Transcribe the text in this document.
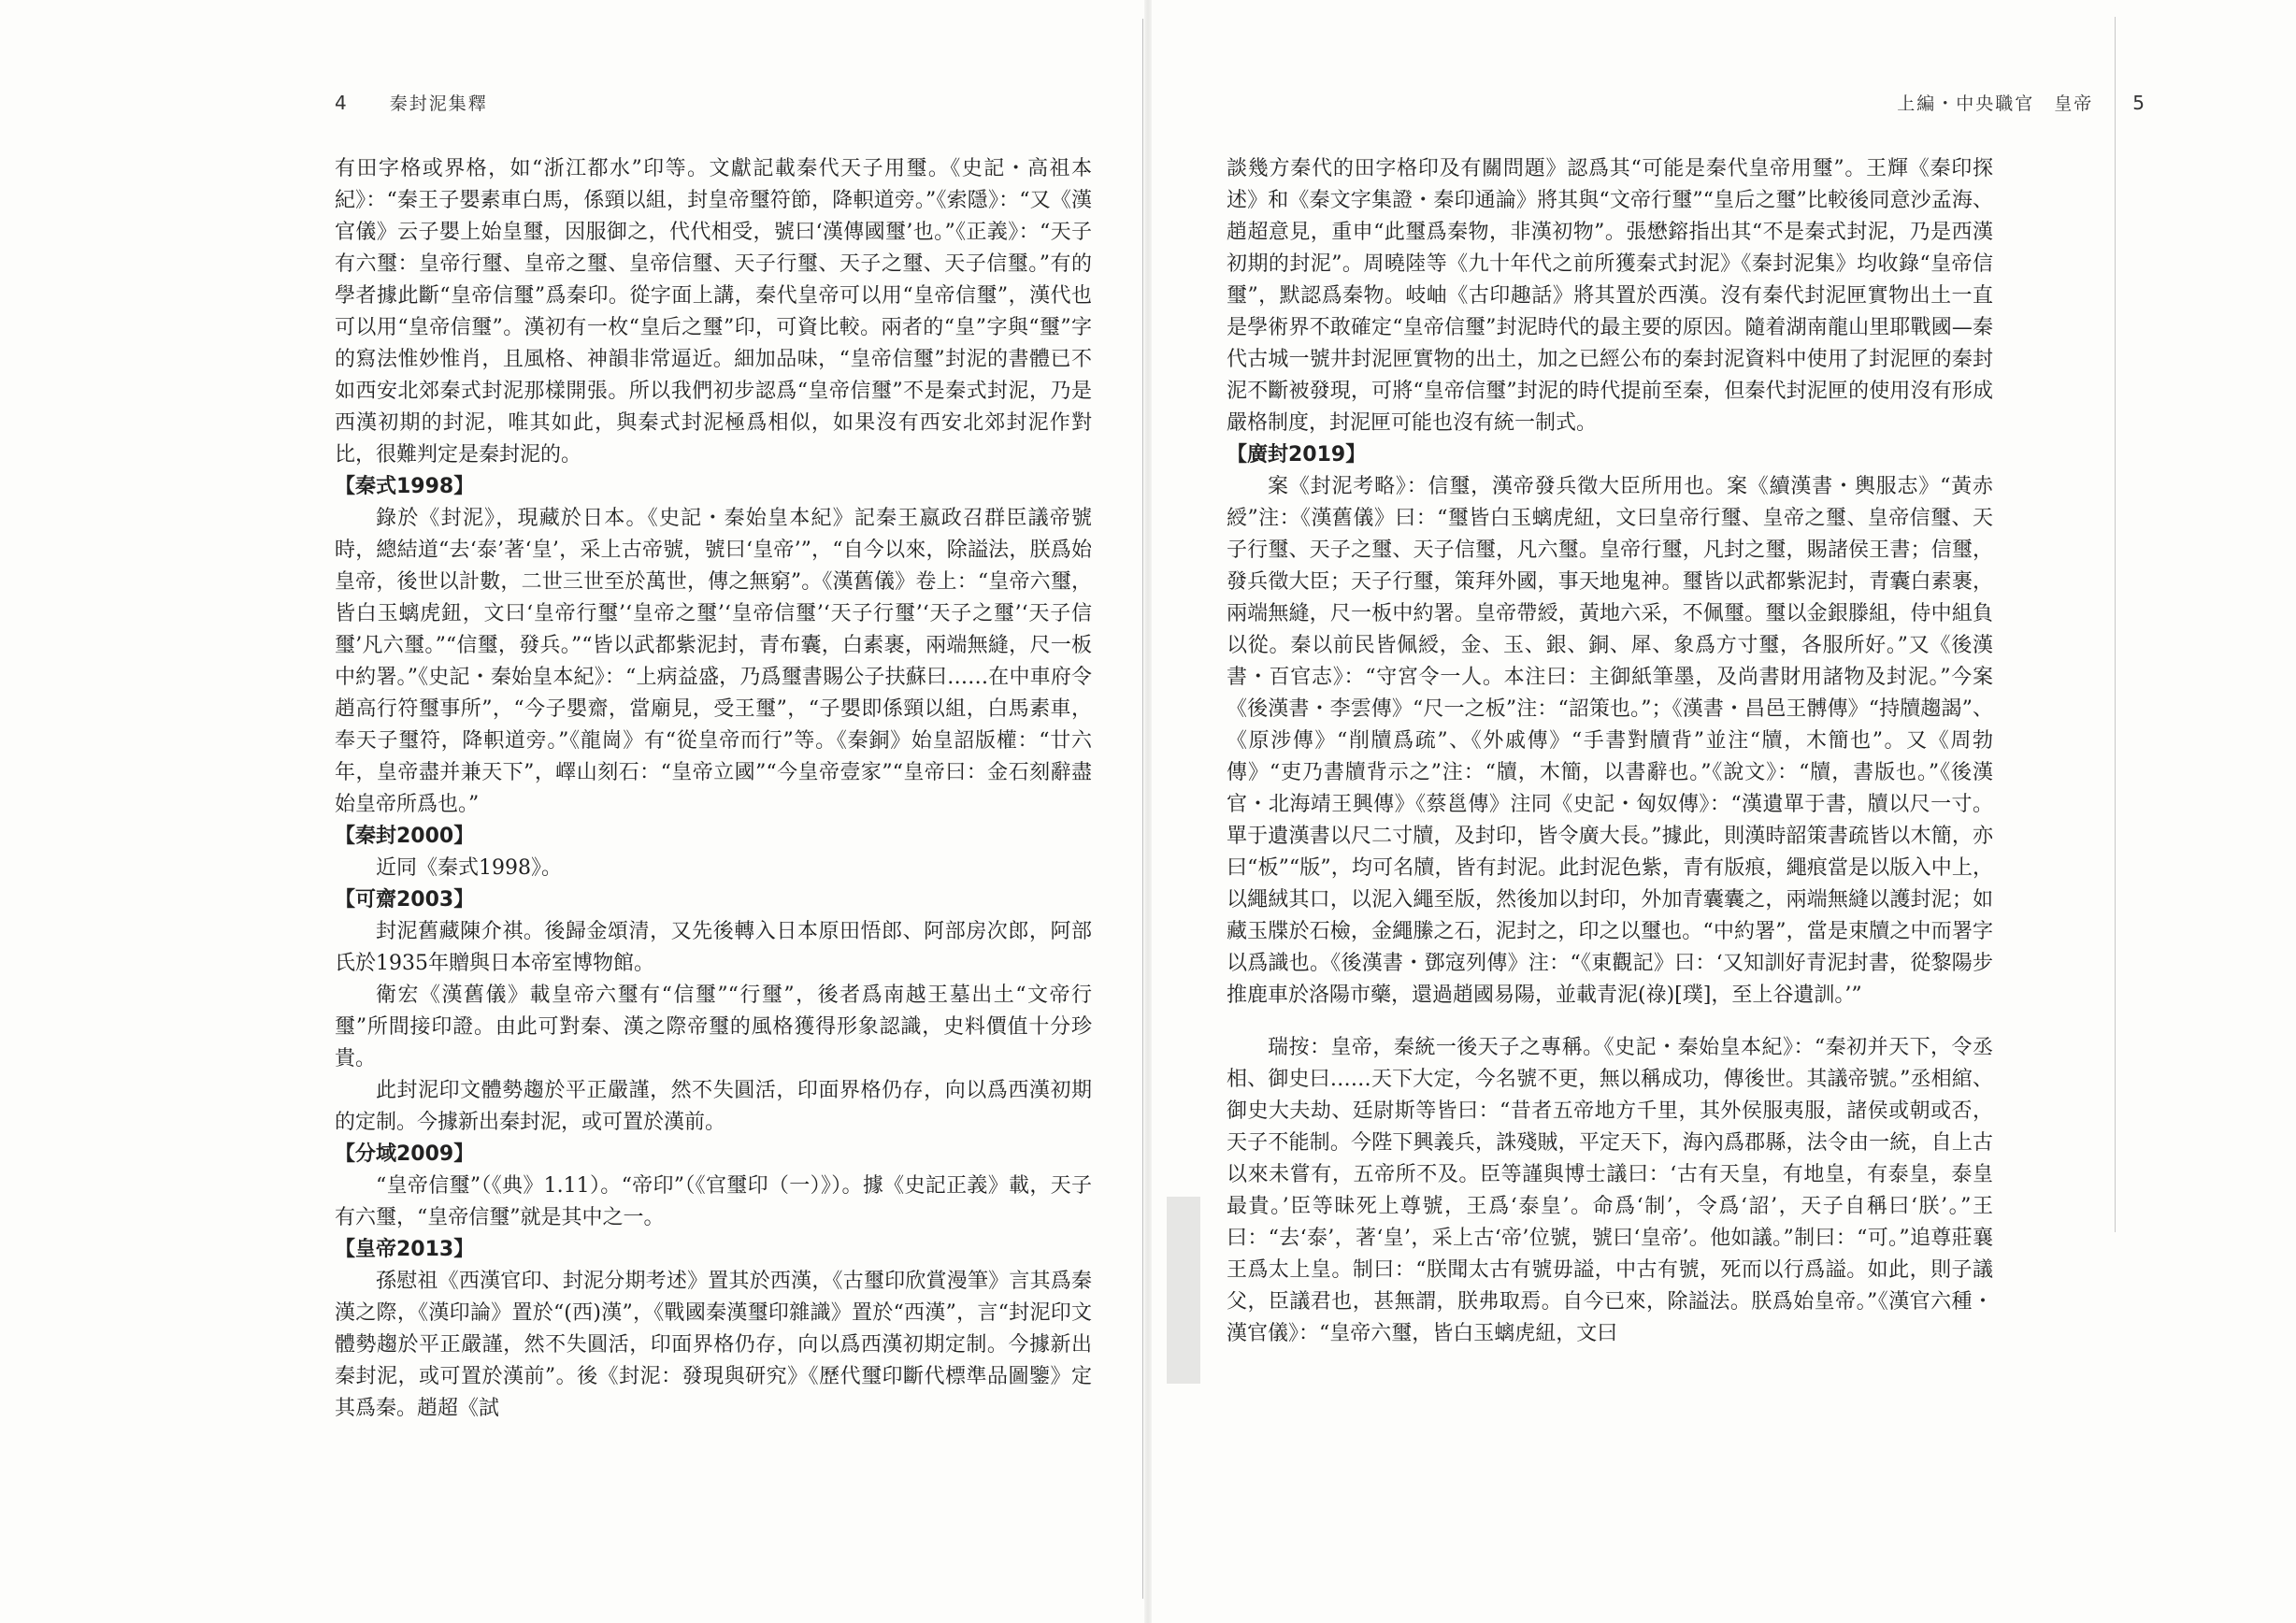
4 秦封泥集釋

有田字格或界格，如“浙江都水”印等。文獻記載秦代天子用璽。《史記・高祖本紀》：“秦王子嬰素車白馬，係頸以組，封皇帝璽符節，降軹道旁。”《索隱》：“又《漢官儀》云子嬰上始皇璽，因服御之，代代相受，號曰‘漢傳國璽’也。”《正義》：“天子有六璽：皇帝行璽、皇帝之璽、皇帝信璽、天子行璽、天子之璽、天子信璽。”有的學者據此斷“皇帝信璽”爲秦印。從字面上講，秦代皇帝可以用“皇帝信璽”，漢代也可以用“皇帝信璽”。漢初有一枚“皇后之璽”印，可資比較。兩者的“皇”字與“璽”字的寫法惟妙惟肖，且風格、神韻非常逼近。細加品味，“皇帝信璽”封泥的書體已不如西安北郊秦式封泥那樣開張。所以我們初步認爲“皇帝信璽”不是秦式封泥，乃是西漢初期的封泥，唯其如此，與秦式封泥極爲相似，如果沒有西安北郊封泥作對比，很難判定是秦封泥的。

【秦式1998】

錄於《封泥》，現藏於日本。《史記・秦始皇本紀》記秦王嬴政召群臣議帝號時，總結道“去‘泰’著‘皇’，采上古帝號，號曰‘皇帝’”，“自今以來，除謚法，朕爲始皇帝，後世以計數，二世三世至於萬世，傳之無窮”。《漢舊儀》卷上：“皇帝六璽，皆白玉螭虎鈕，文曰‘皇帝行璽’‘皇帝之璽’‘皇帝信璽’‘天子行璽’‘天子之璽’‘天子信璽’凡六璽。”“信璽，發兵。”“皆以武都紫泥封，青布囊，白素裹，兩端無縫，尺一板中約署。”《史記・秦始皇本紀》：“上病益盛，乃爲璽書賜公子扶蘇曰……在中車府令趙高行符璽事所”，“今子嬰齋，當廟見，受王璽”，“子嬰即係頸以組，白馬素車，奉天子璽符，降軹道旁。”《龍崗》有“從皇帝而行”等。《秦銅》始皇詔版權：“廿六年，皇帝盡并兼天下”，嶧山刻石：“皇帝立國”“今皇帝壹家”“皇帝曰：金石刻辭盡始皇帝所爲也。”

【秦封2000】

近同《秦式1998》。

【可齋2003】

封泥舊藏陳介祺。後歸金頌清，又先後轉入日本原田悟郎、阿部房次郎，阿部氏於1935年贈與日本帝室博物館。

衛宏《漢舊儀》載皇帝六璽有“信璽”“行璽”，後者爲南越王墓出土“文帝行璽”所間接印證。由此可對秦、漢之際帝璽的風格獲得形象認識，史料價值十分珍貴。

此封泥印文體勢趨於平正嚴謹，然不失圓活，印面界格仍存，向以爲西漢初期的定制。今據新出秦封泥，或可置於漢前。

【分域2009】

“皇帝信璽”（《典》1.11）。“帝印”（《官璽印（一）》）。據《史記正義》載，天子有六璽，“皇帝信璽”就是其中之一。

【皇帝2013】

孫慰祖《西漢官印、封泥分期考述》置其於西漢，《古璽印欣賞漫筆》言其爲秦漢之際，《漢印論》置於“(西)漢”，《戰國秦漢璽印雜識》置於“西漢”，言“封泥印文體勢趨於平正嚴謹，然不失圓活，印面界格仍存，向以爲西漢初期定制。今據新出秦封泥，或可置於漢前”。後《封泥：發現與研究》《歷代璽印斷代標準品圖鑒》定其爲秦。趙超《試

上編・中央職官　皇帝 5

談幾方秦代的田字格印及有關問題》認爲其“可能是秦代皇帝用璽”。王輝《秦印探述》和《秦文字集證・秦印通論》將其與“文帝行璽”“皇后之璽”比較後同意沙孟海、趙超意見，重申“此璽爲秦物，非漢初物”。張懋鎔指出其“不是秦式封泥，乃是西漢初期的封泥”。周曉陸等《九十年代之前所獲秦式封泥》《秦封泥集》均收錄“皇帝信璽”，默認爲秦物。岐岫《古印趣話》將其置於西漢。沒有秦代封泥匣實物出土一直是學術界不敢確定“皇帝信璽”封泥時代的最主要的原因。隨着湖南龍山里耶戰國—秦代古城一號井封泥匣實物的出土，加之已經公布的秦封泥資料中使用了封泥匣的秦封泥不斷被發現，可將“皇帝信璽”封泥的時代提前至秦，但秦代封泥匣的使用沒有形成嚴格制度，封泥匣可能也沒有統一制式。

【廣封2019】

案《封泥考略》：信璽，漢帝發兵徵大臣所用也。案《續漢書・輿服志》“黃赤綬”注：《漢舊儀》曰：“璽皆白玉螭虎紐，文曰皇帝行璽、皇帝之璽、皇帝信璽、天子行璽、天子之璽、天子信璽，凡六璽。皇帝行璽，凡封之璽，賜諸侯王書；信璽，發兵徵大臣；天子行璽，策拜外國，事天地鬼神。璽皆以武都紫泥封，青囊白素裹，兩端無縫，尺一板中約署。皇帝帶綬，黃地六采，不佩璽。璽以金銀滕組，侍中組負以從。秦以前民皆佩綬，金、玉、銀、銅、犀、象爲方寸璽，各服所好。”又《後漢書・百官志》：“守宮令一人。本注曰：主御紙筆墨，及尚書財用諸物及封泥。”今案《後漢書・李雲傳》“尺一之板”注：“詔策也。”；《漢書・昌邑王髆傳》“持牘趨謁”、《原涉傳》“削牘爲疏”、《外戚傳》“手書對牘背”並注“牘，木簡也”。又《周勃傳》“吏乃書牘背示之”注：“牘，木簡，以書辭也。”《說文》：“牘，書版也。”《後漢官・北海靖王興傳》《蔡邕傳》注同《史記・匈奴傳》：“漢遺單于書，牘以尺一寸。單于遺漢書以尺二寸牘，及封印，皆令廣大長。”據此，則漢時韶策書疏皆以木簡，亦曰“板”“版”，均可名牘，皆有封泥。此封泥色紫，青有版痕，繩痕當是以版入中上，以繩絨其口，以泥入繩至版，然後加以封印，外加青囊囊之，兩端無縫以護封泥；如藏玉牒於石檢，金繩縢之石，泥封之，印之以璽也。“中約署”，當是束牘之中而署字以爲識也。《後漢書・鄧寇列傳》注：“《東觀記》曰：‘又知訓好青泥封書，從黎陽步推鹿車於洛陽市藥，還過趙國易陽，並載青泥(祿)[璞]，至上谷遺訓。’”

瑞按：皇帝，秦統一後天子之專稱。《史記・秦始皇本紀》：“秦初并天下，令丞相、御史曰……天下大定，今名號不更，無以稱成功，傳後世。其議帝號。”丞相綰、御史大夫劫、廷尉斯等皆曰：“昔者五帝地方千里，其外侯服夷服，諸侯或朝或否，天子不能制。今陛下興義兵，誅殘賊，平定天下，海內爲郡縣，法令由一統，自上古以來未嘗有，五帝所不及。臣等謹與博士議曰：‘古有天皇，有地皇，有泰皇，泰皇最貴。’臣等昧死上尊號，王爲‘泰皇’。命爲‘制’，令爲‘詔’，天子自稱曰‘朕’。”王曰：“去‘泰’，著‘皇’，采上古‘帝’位號，號曰‘皇帝’。他如議。”制曰：“可。”追尊莊襄王爲太上皇。制曰：“朕聞太古有號毋謚，中古有號，死而以行爲謚。如此，則子議父，臣議君也，甚無謂，朕弗取焉。自今已來，除謚法。朕爲始皇帝。”《漢官六種・漢官儀》：“皇帝六璽，皆白玉螭虎紐，文曰
